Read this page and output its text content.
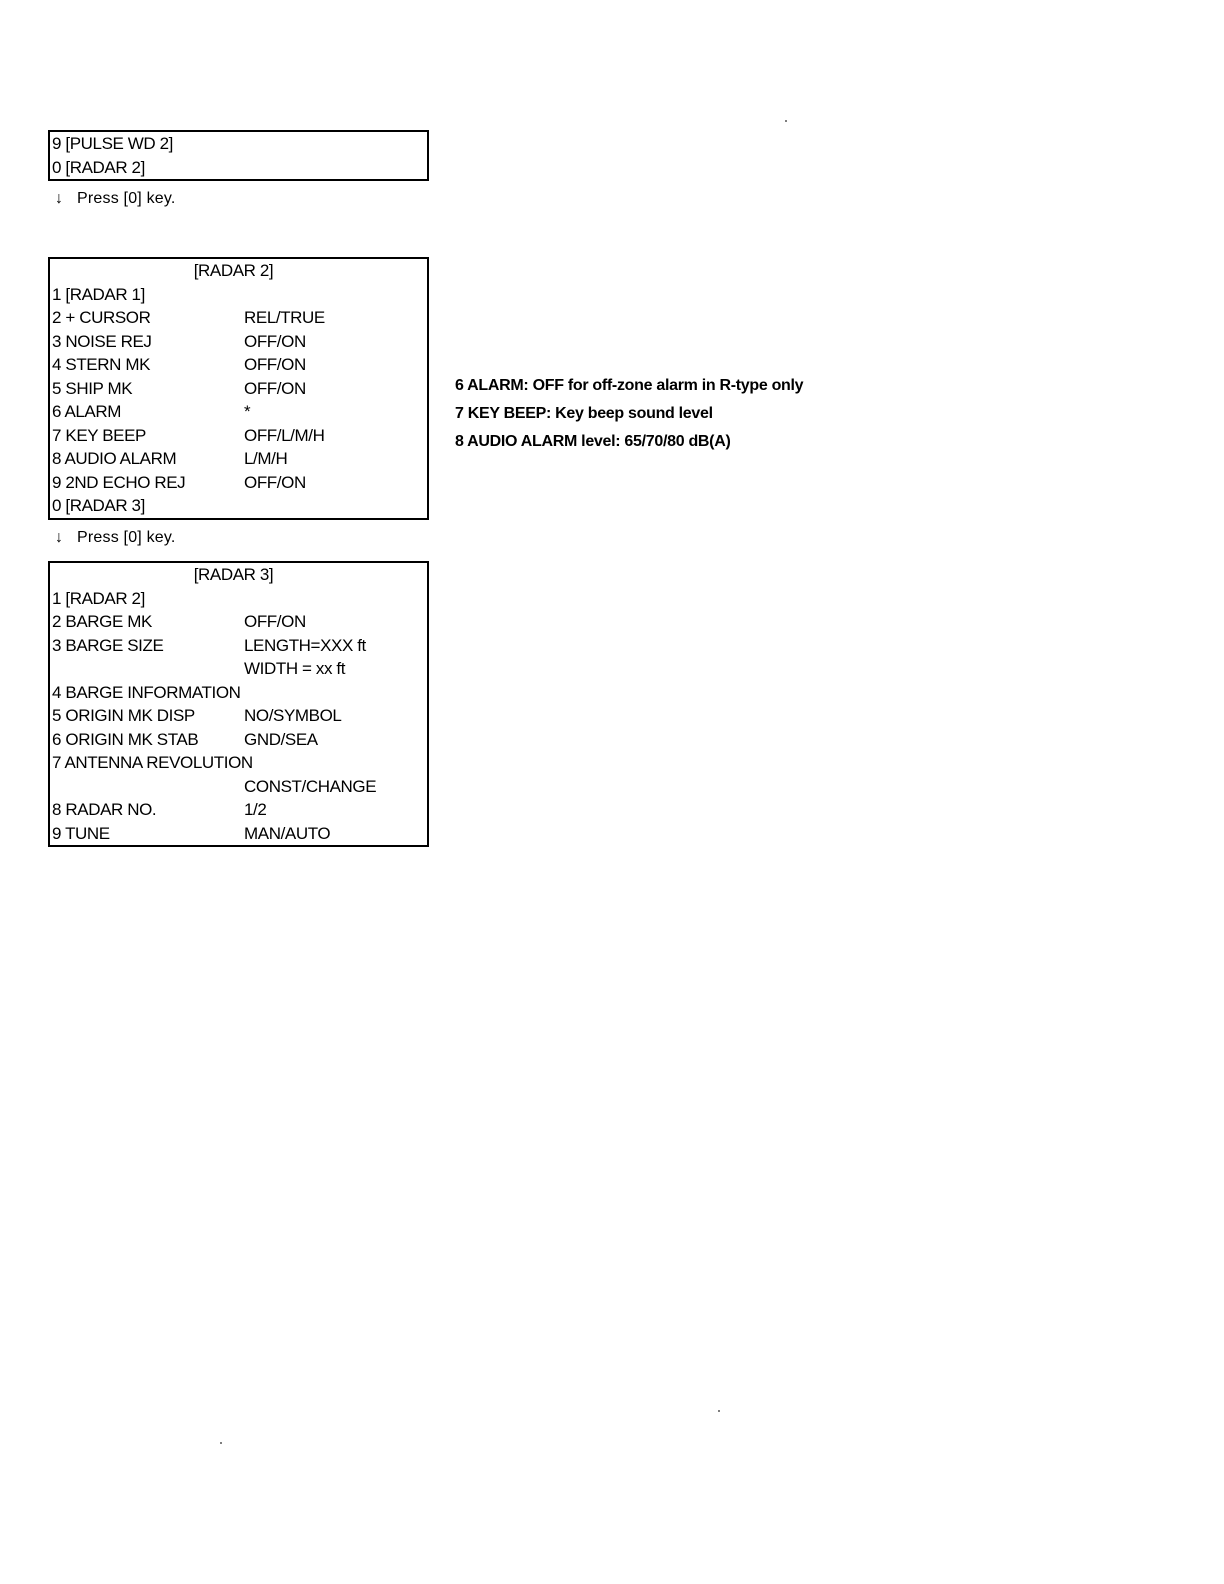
9 [PULSE WD 2]
0 [RADAR 2]
↓ Press [0] key.
[RADAR 2]
1 [RADAR 1]
2 + CURSOR	REL/TRUE
3 NOISE REJ	OFF/ON
4 STERN MK	OFF/ON
5 SHIP MK	OFF/ON
6 ALARM	*
7 KEY BEEP	OFF/L/M/H
8 AUDIO ALARM	L/M/H
9 2ND ECHO REJ	OFF/ON
0 [RADAR 3]
↓ Press [0] key.
[RADAR 3]
1 [RADAR 2]
2 BARGE MK	OFF/ON
3 BARGE SIZE	LENGTH=XXX ft
WIDTH = xx ft
4 BARGE INFORMATION
5 ORIGIN MK DISP	NO/SYMBOL
6 ORIGIN MK STAB	GND/SEA
7 ANTENNA REVOLUTION
CONST/CHANGE
8 RADAR NO.	1/2
9 TUNE	MAN/AUTO
6 ALARM: OFF for off-zone alarm in R-type only
7 KEY BEEP: Key beep sound level
8 AUDIO ALARM level: 65/70/80 dB(A)
